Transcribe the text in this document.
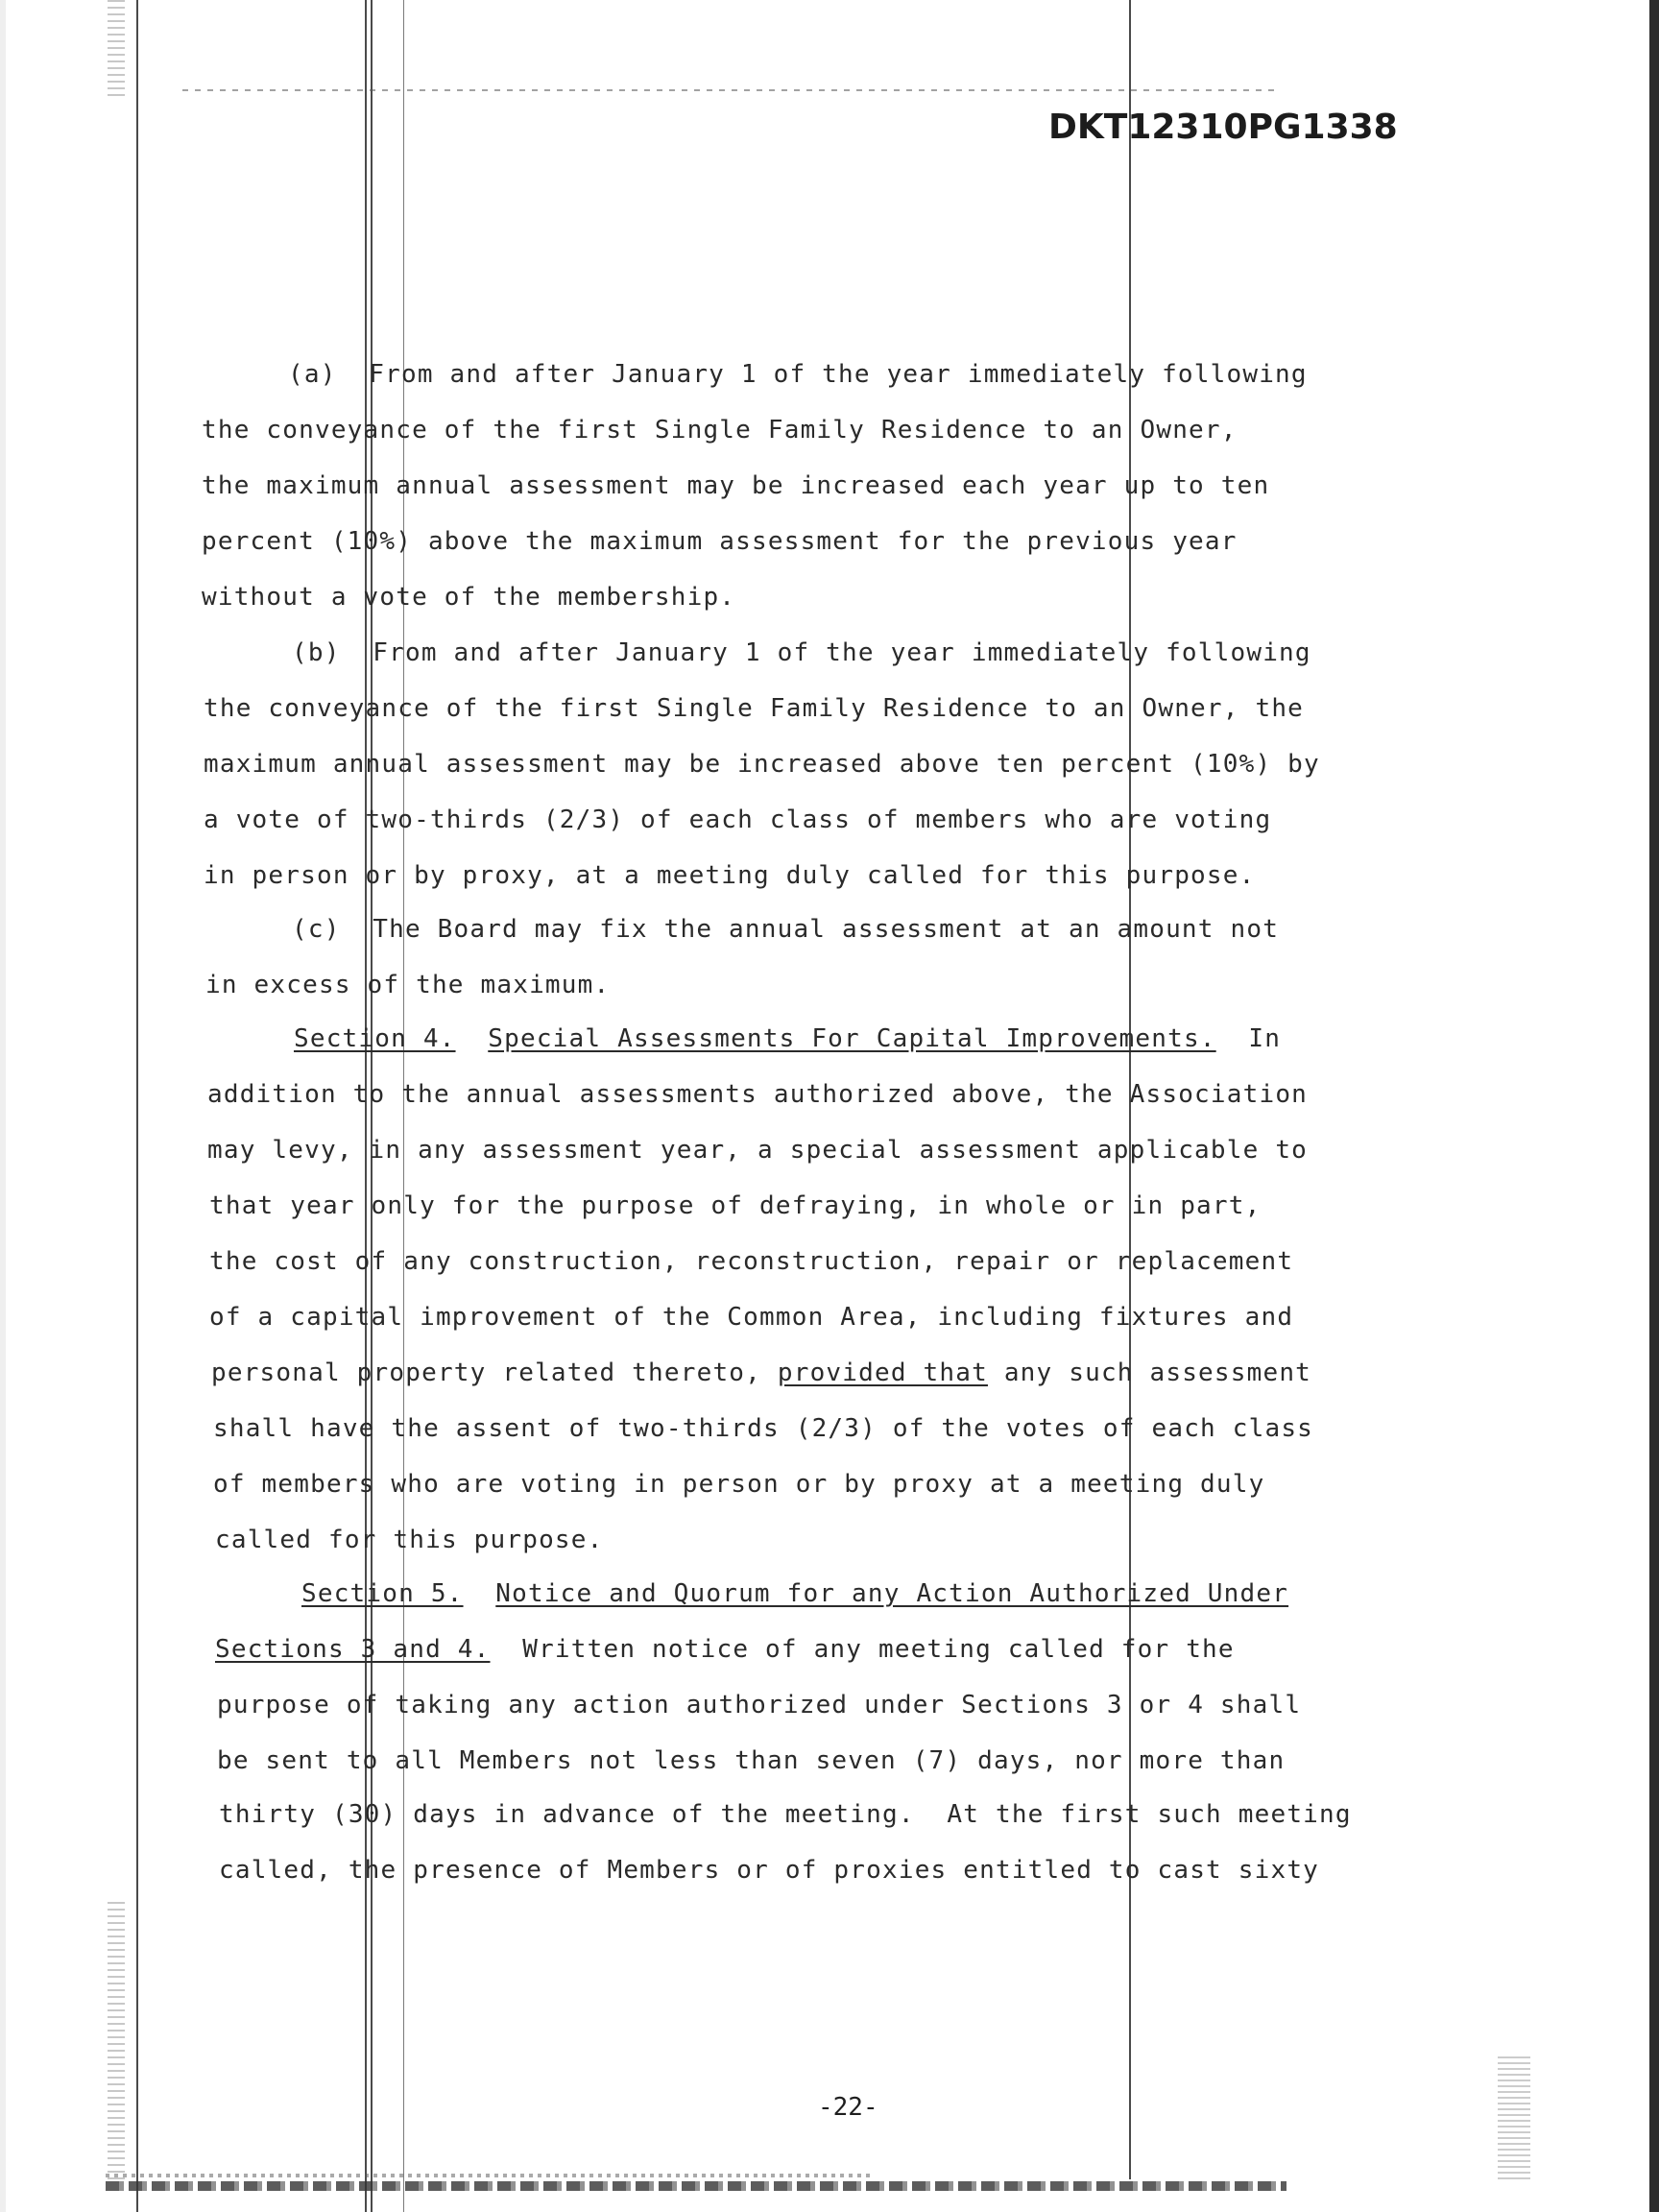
DKT12310PG1338

(a)  From and after January 1 of the year immediately following

the conveyance of the first Single Family Residence to an Owner,

the maximum annual assessment may be increased each year up to ten

percent (10%) above the maximum assessment for the previous year

without a vote of the membership.

(b)  From and after January 1 of the year immediately following

the conveyance of the first Single Family Residence to an Owner, the

maximum annual assessment may be increased above ten percent (10%) by

a vote of two-thirds (2/3) of each class of members who are voting

in person or by proxy, at a meeting duly called for this purpose.

(c)  The Board may fix the annual assessment at an amount not

in excess of the maximum.

Section 4. Special Assessments For Capital Improvements.  In

addition to the annual assessments authorized above, the Association

may levy, in any assessment year, a special assessment applicable to

that year only for the purpose of defraying, in whole or in part,

the cost of any construction, reconstruction, repair or replacement

of a capital improvement of the Common Area, including fixtures and

personal property related thereto, provided that any such assessment

shall have the assent of two-thirds (2/3) of the votes of each class

of members who are voting in person or by proxy at a meeting duly

called for this purpose.

Section 5. Notice and Quorum for any Action Authorized Under

Sections 3 and 4.  Written notice of any meeting called for the

purpose of taking any action authorized under Sections 3 or 4 shall

be sent to all Members not less than seven (7) days, nor more than

thirty (30) days in advance of the meeting.  At the first such meeting

called, the presence of Members or of proxies entitled to cast sixty

-22-
